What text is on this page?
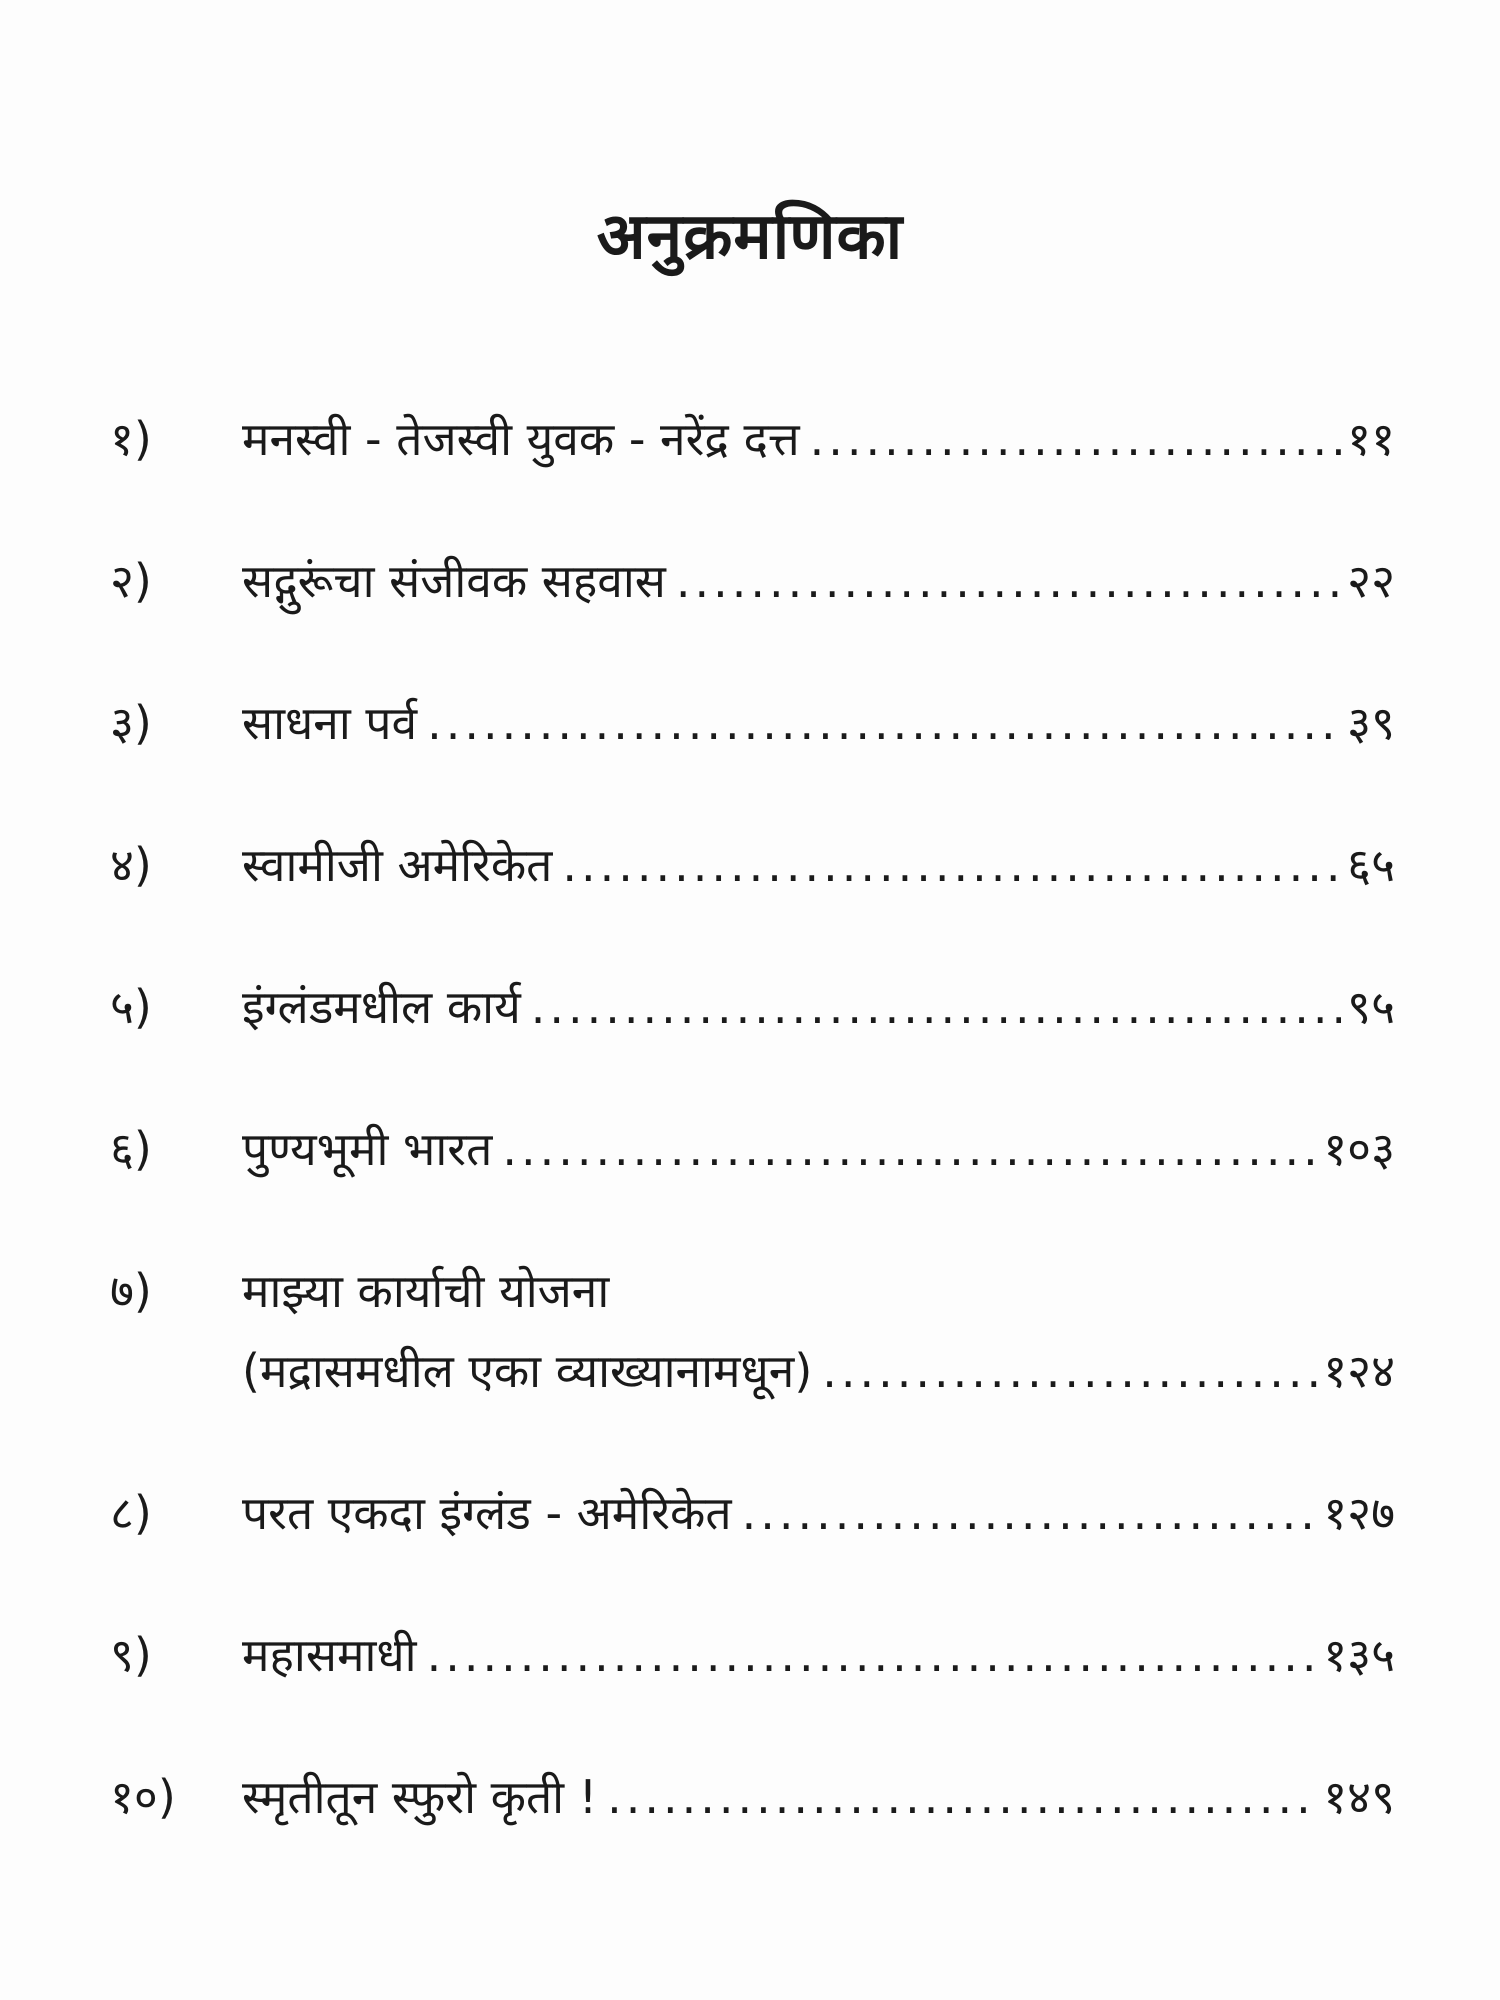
अनुक्रमणिका
१)	मनस्वी - तेजस्वी युवक - नरेंद्र दत्त .....	११
२)	सद्गुरूंचा संजीवक सहवास .....	२२
३)	साधना पर्व .....	३९
४)	स्वामीजी अमेरिकेत .....	६५
५)	इंग्लंडमधील कार्य .....	९५
६)	पुण्यभूमी भारत .....	१०३
७)	माझ्या कार्याची योजना
(मद्रासमधील एका व्याख्यानामधून) .....	१२४
८)	परत एकदा इंग्लंड - अमेरिकेत .....	१२७
९)	महासमाधी .....	१३५
१०)	स्मृतीतून स्फुरो कृती ! .....	१४९
